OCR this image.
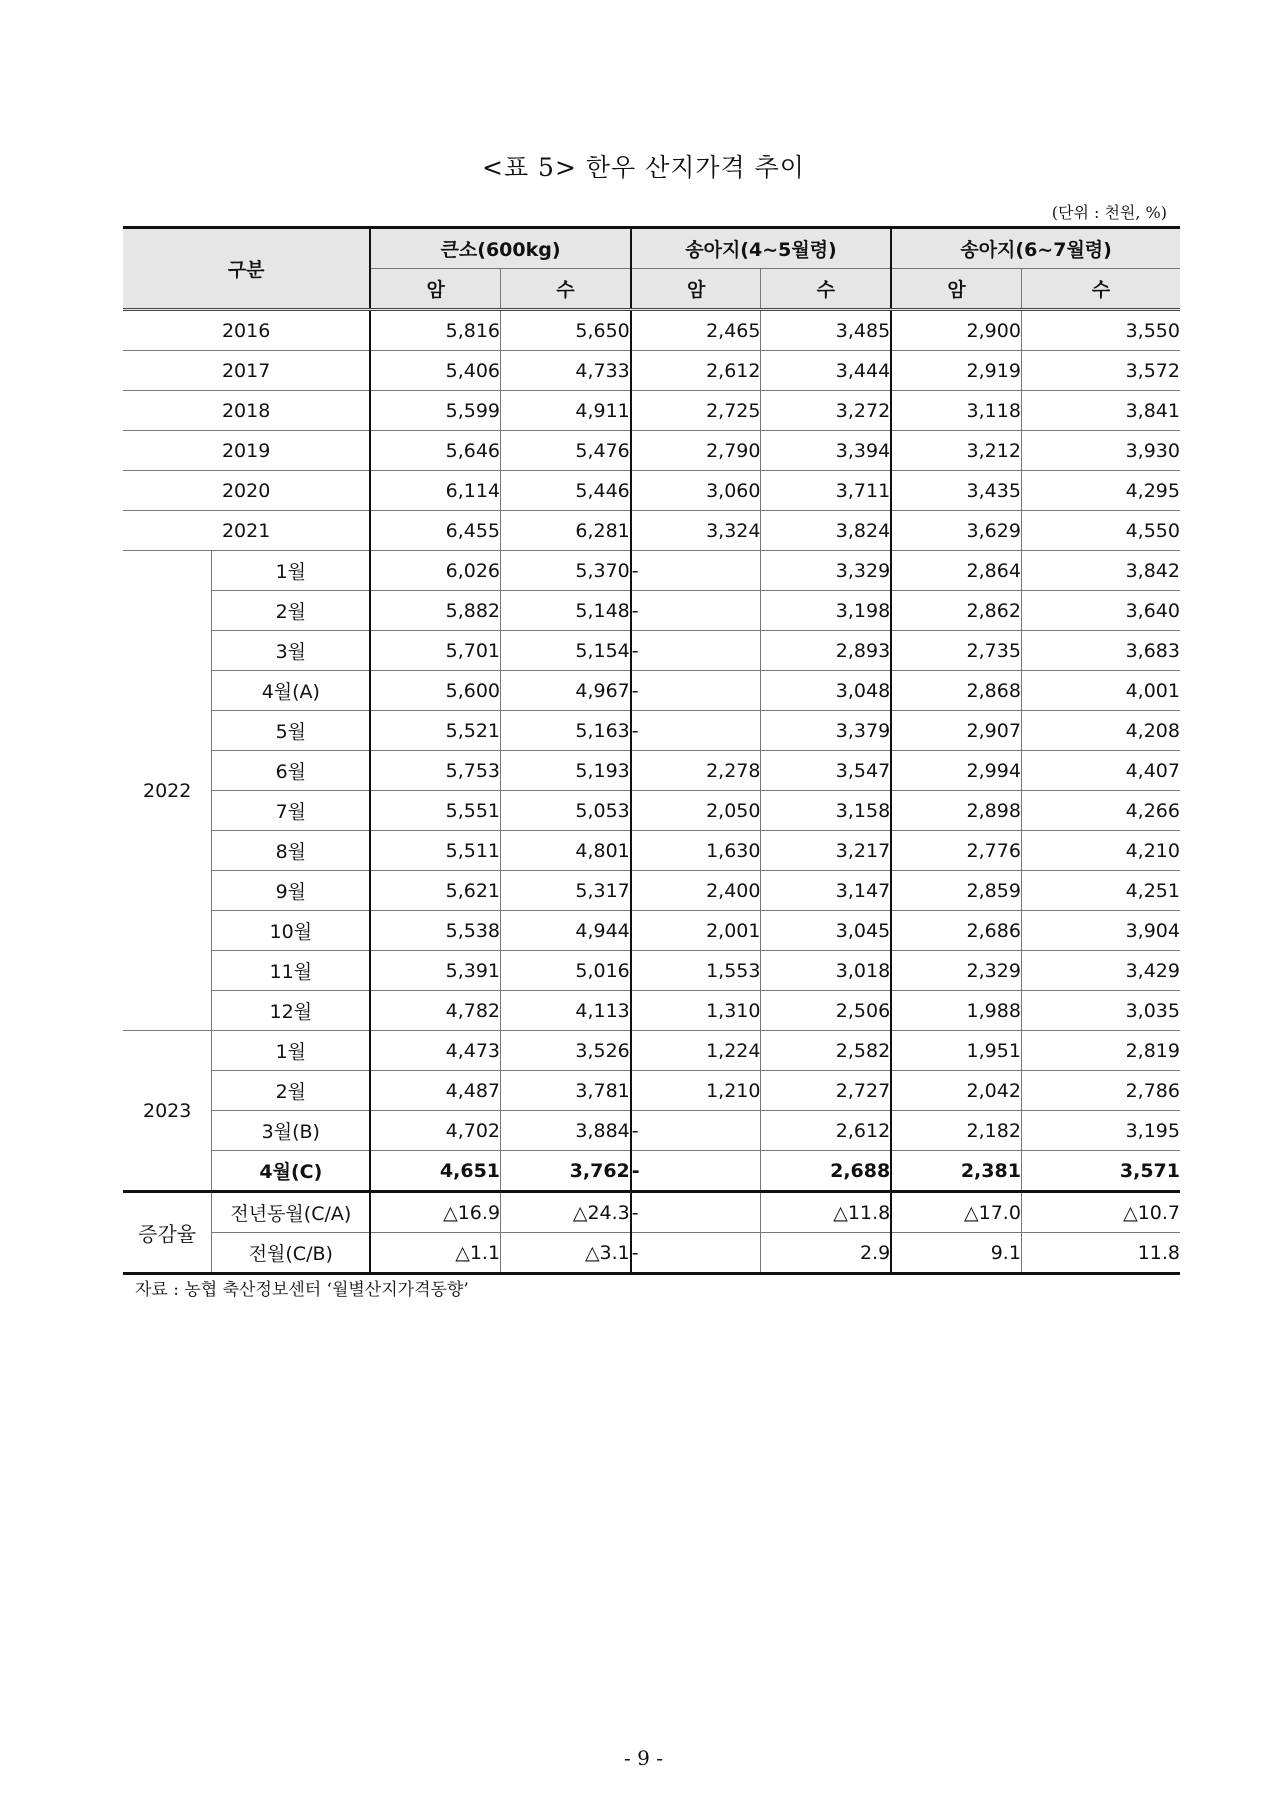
<표 5> 한우 산지가격 추이
(단위 : 천원, %)
구분		큰소(600kg)		송아지(4~5월령)		송아지(6~7월령)	
		암	수	암	수	암	수
2016		5,816	5,650	2,465	3,485	2,900	3,550
2017		5,406	4,733	2,612	3,444	2,919	3,572
2018		5,599	4,911	2,725	3,272	3,118	3,841
2019		5,646	5,476	2,790	3,394	3,212	3,930
2020		6,114	5,446	3,060	3,711	3,435	4,295
2021		6,455	6,281	3,324	3,824	3,629	4,550
2022	1월	6,026	5,370	-	3,329	2,864	3,842
	2월	5,882	5,148	-	3,198	2,862	3,640
	3월	5,701	5,154	-	2,893	2,735	3,683
	4월(A)	5,600	4,967	-	3,048	2,868	4,001
	5월	5,521	5,163	-	3,379	2,907	4,208
	6월	5,753	5,193	2,278	3,547	2,994	4,407
	7월	5,551	5,053	2,050	3,158	2,898	4,266
	8월	5,511	4,801	1,630	3,217	2,776	4,210
	9월	5,621	5,317	2,400	3,147	2,859	4,251
	10월	5,538	4,944	2,001	3,045	2,686	3,904
	11월	5,391	5,016	1,553	3,018	2,329	3,429
	12월	4,782	4,113	1,310	2,506	1,988	3,035
2023	1월	4,473	3,526	1,224	2,582	1,951	2,819
	2월	4,487	3,781	1,210	2,727	2,042	2,786
	3월(B)	4,702	3,884	-	2,612	2,182	3,195
	4월(C)	4,651	3,762	-	2,688	2,381	3,571
증감율	전년동월(C/A)	△16.9	△24.3	-	△11.8	△17.0	△10.7
	전월(C/B)	△1.1	△3.1	-	2.9	9.1	11.8
자료 : 농협 축산정보센터 ‘월별산지가격동향’
- 9 -
